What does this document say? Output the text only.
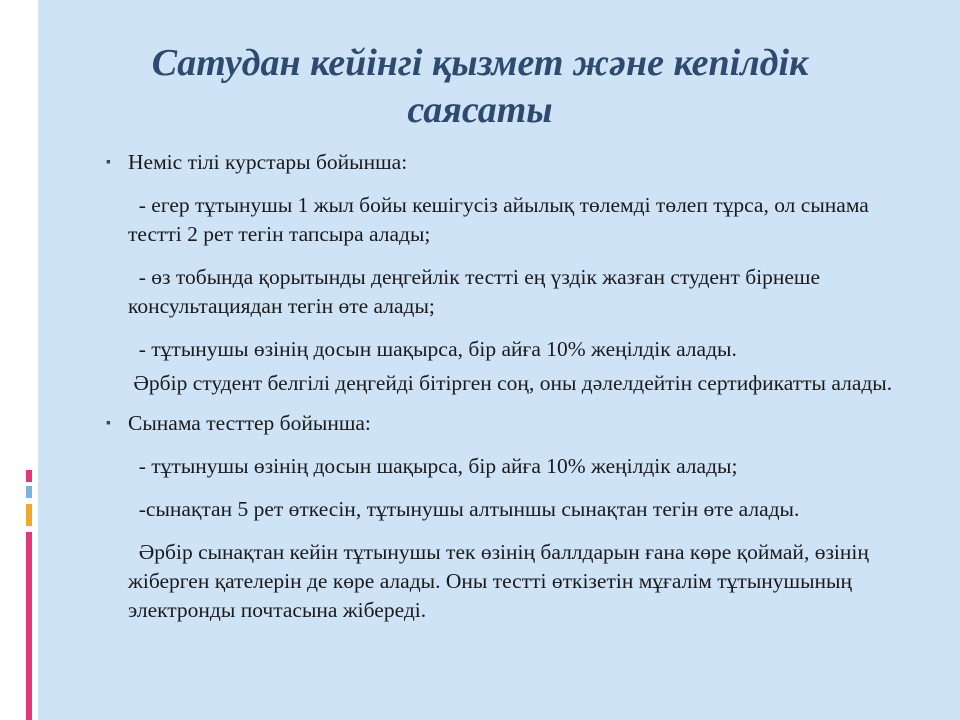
Сатудан кейінгі қызмет және кепілдік саясаты

▪ Неміс тілі курстары бойынша:

- егер тұтынушы 1 жыл бойы кешігусіз айылық төлемді төлеп тұрса, ол сынама тестті 2 рет тегін тапсыра алады;

- өз тобында қорытынды деңгейлік тестті ең үздік жазған студент бірнеше консультациядан тегін өте алады;

- тұтынушы өзінің досын шақырса, бір айға 10% жеңілдік алады.

Әрбір студент белгілі деңгейді бітірген соң, оны дәлелдейтін сертификатты алады.

▪ Сынама тесттер бойынша:

- тұтынушы өзінің досын шақырса, бір айға 10% жеңілдік алады;

-сынақтан 5 рет өткесін, тұтынушы алтыншы сынақтан тегін өте алады.

Әрбір сынақтан кейін тұтынушы тек өзінің баллдарын ғана көре қоймай, өзінің жіберген қателерін де көре алады. Оны тестті өткізетін мұғалім тұтынушының электронды почтасына жібереді.
